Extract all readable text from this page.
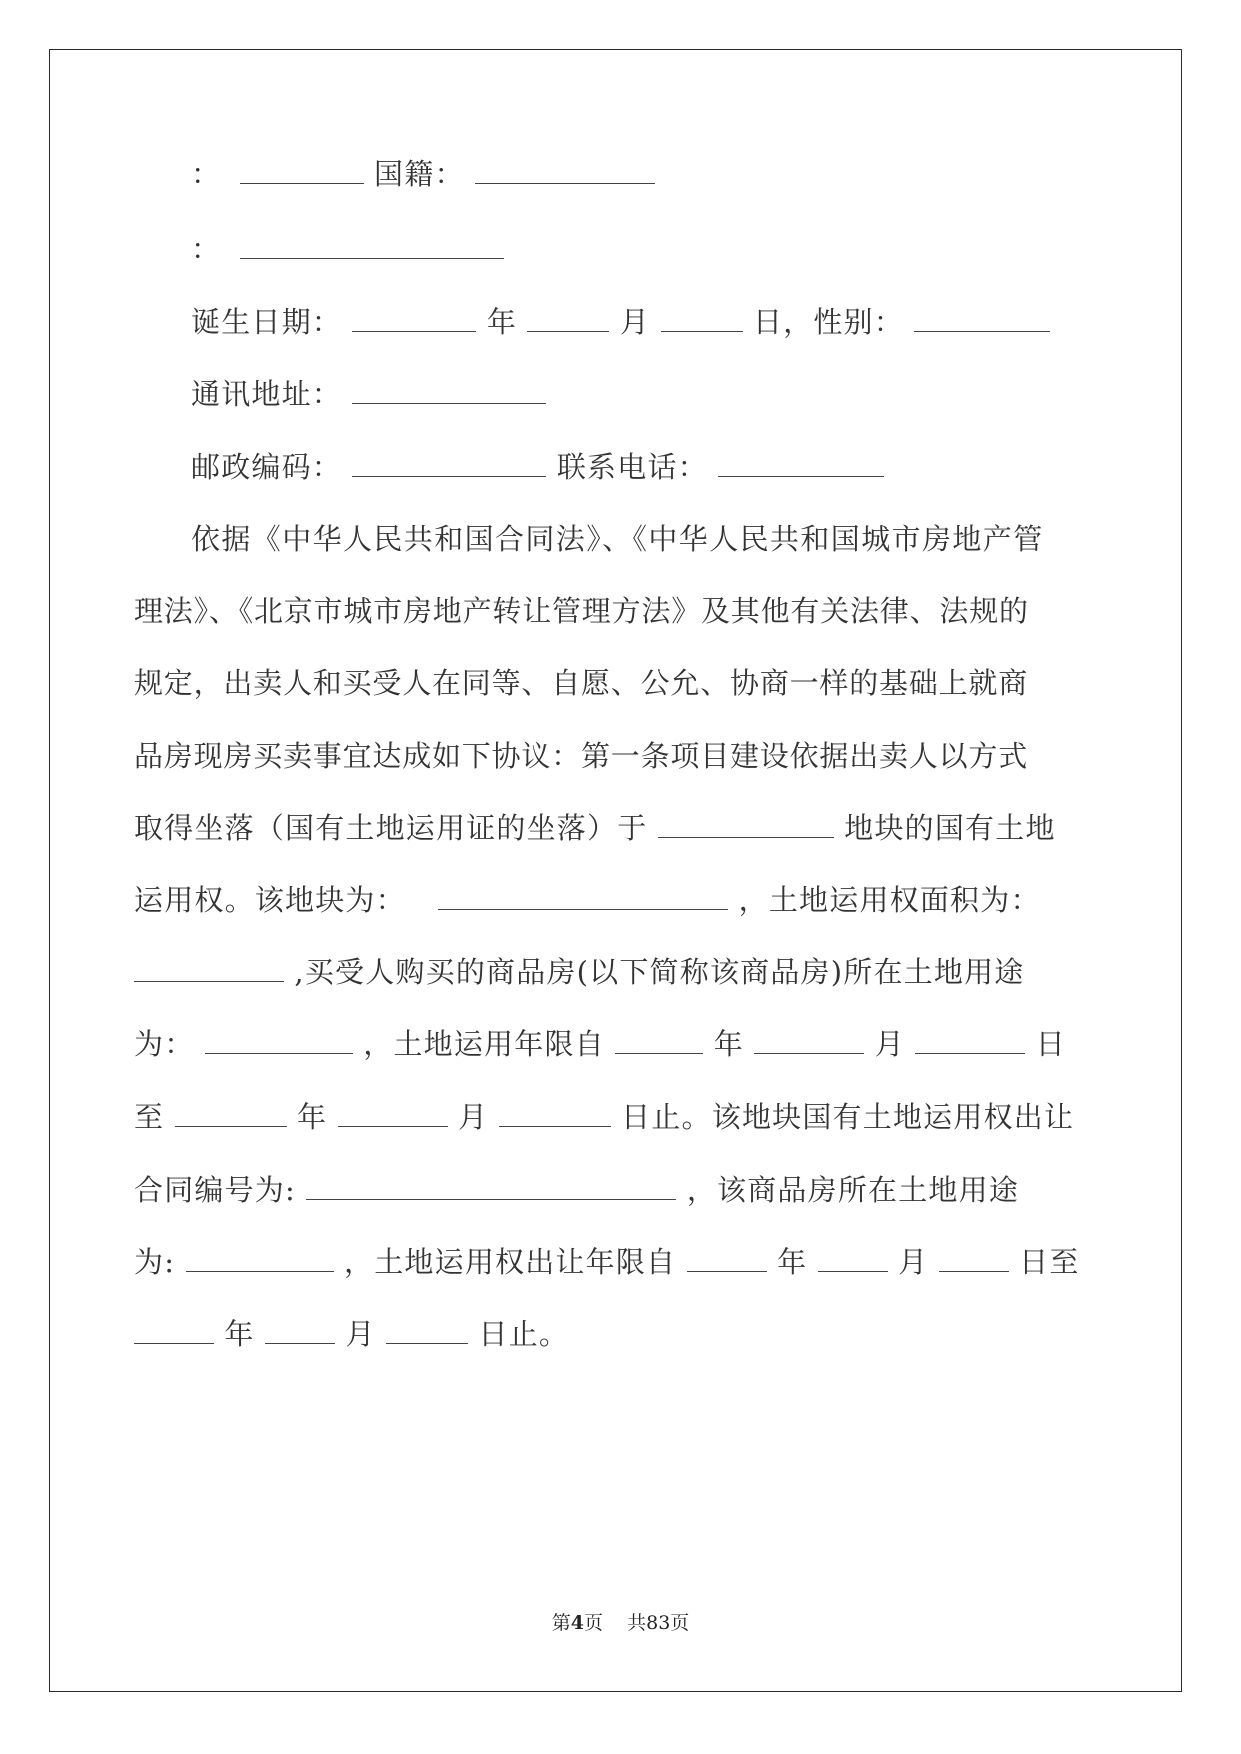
：	国籍：
：
诞生日期：	年	月	日，性别：
通讯地址：
邮政编码：	联系电话：
依据《中华人民共和国合同法》、《中华人民共和国城市房地产管
理法》、《北京市城市房地产转让管理方法》及其他有关法律、法规的
规定，出卖人和买受人在同等、自愿、公允、协商一样的基础上就商
品房现房买卖事宜达成如下协议：第一条项目建设依据出卖人以方式
取得坐落（国有土地运用证的坐落）于	地块的国有土地
运用权。该地块为：	，土地运用权面积为：
,买受人购买的商品房(以下简称该商品房)所在土地用途
为：	，土地运用年限自	年	月	日
至	年	月	日止。该地块国有土地运用权出让
合同编号为:	，该商品房所在土地用途
为:	，土地运用权出让年限自	年	月	日至
年	月	日止。
第4页    共83页
